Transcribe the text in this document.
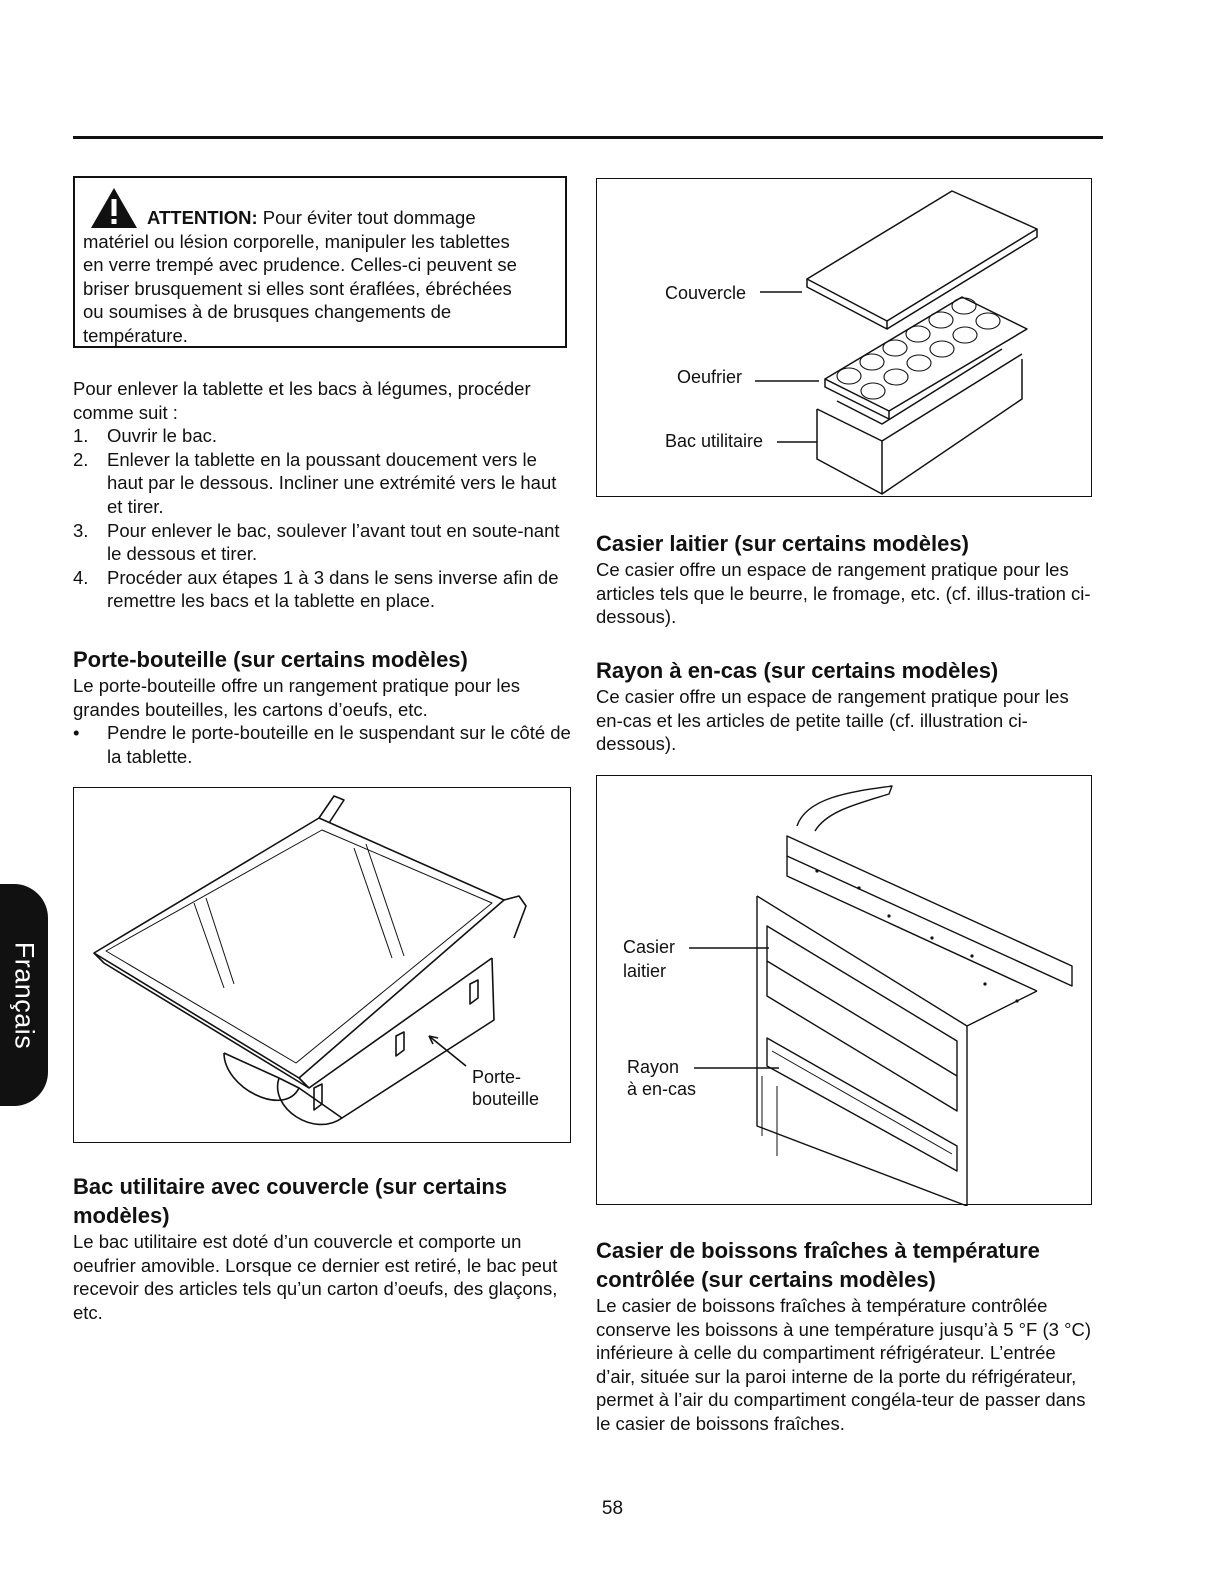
ATTENTION: Pour éviter tout dommage

matériel ou lésion corporelle, manipuler les tablettes

en verre trempé avec prudence. Celles-ci peuvent se

briser brusquement si elles sont éraflées, ébréchées

ou soumises à de brusques changements de

température.

Pour enlever la tablette et les bacs à légumes, procéder comme suit :

1. Ouvrir le bac.
2. Enlever la tablette en la poussant doucement vers le haut par le dessous. Incliner une extrémité vers le haut et tirer.
3. Pour enlever le bac, soulever l’avant tout en soute-nant le dessous et tirer.
4. Procéder aux étapes 1 à 3 dans le sens inverse afin de remettre les bacs et la tablette en place.
Porte-bouteille (sur certains modèles)

Le porte-bouteille offre un rangement pratique pour les grandes bouteilles, les cartons d’oeufs, etc.

• Pendre le porte-bouteille en le suspendant sur le côté de la tablette.
Porte-
bouteille
Bac utilitaire avec couvercle (sur certains modèles)

Le bac utilitaire est doté d’un couvercle et comporte un oeufrier amovible. Lorsque ce dernier est retiré, le bac peut recevoir des articles tels qu’un carton d’oeufs, des glaçons, etc.

Couvercle
Oeufrier
Bac utilitaire
Casier laitier (sur certains modèles)

Ce casier offre un espace de rangement pratique pour les articles tels que le beurre, le fromage, etc. (cf. illus-tration ci-dessous).

Rayon à en-cas (sur certains modèles)

Ce casier offre un espace de rangement pratique pour les en-cas et les articles de petite taille (cf. illustration ci-dessous).

Casier
laitier
Rayon
à en-cas
Casier de boissons fraîches à température contrôlée (sur certains modèles)

Le casier de boissons fraîches à température contrôlée conserve les boissons à une température jusqu’à 5 °F (3 °C) inférieure à celle du compartiment réfrigérateur. L’entrée d’air, située sur la paroi interne de la porte du réfrigérateur, permet à l’air du compartiment congéla-teur de passer dans le casier de boissons fraîches.

Français
58
